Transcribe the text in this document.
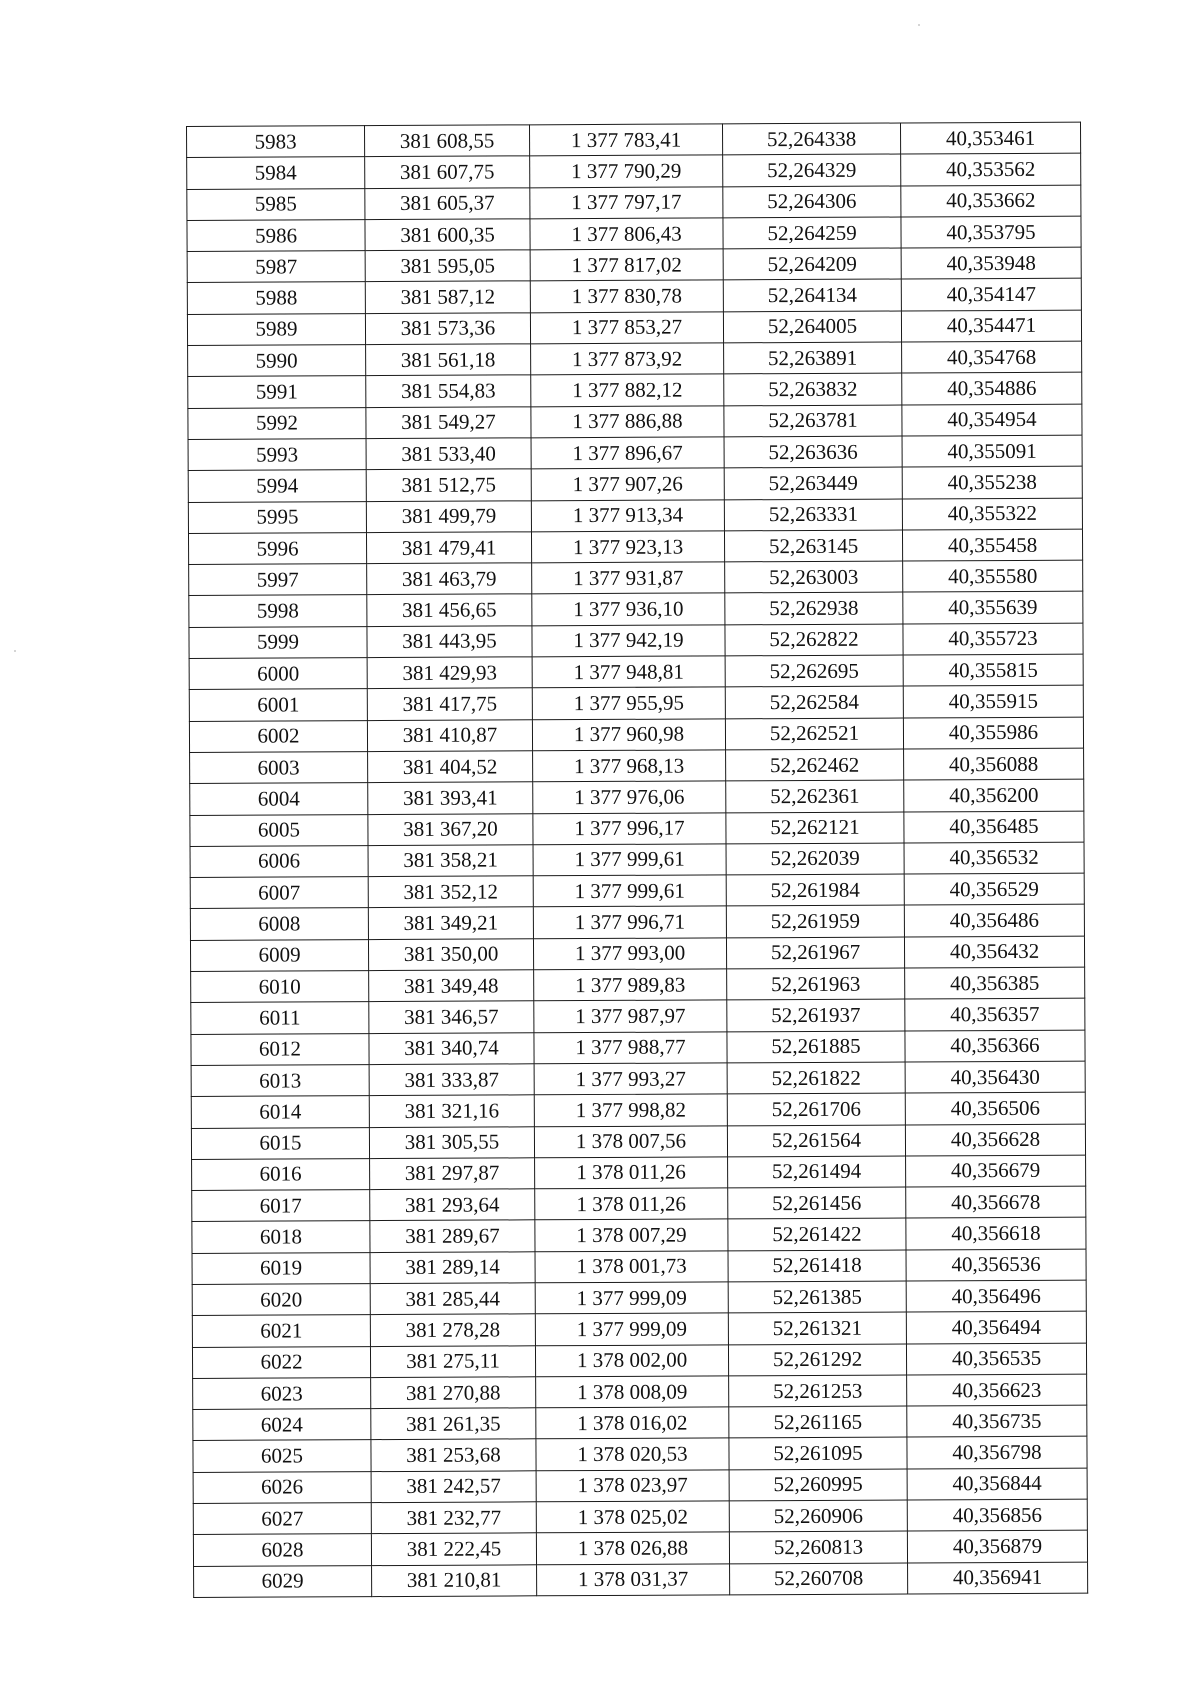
5983	381 608,55	1 377 783,41	52,264338	40,353461
5984	381 607,75	1 377 790,29	52,264329	40,353562
5985	381 605,37	1 377 797,17	52,264306	40,353662
5986	381 600,35	1 377 806,43	52,264259	40,353795
5987	381 595,05	1 377 817,02	52,264209	40,353948
5988	381 587,12	1 377 830,78	52,264134	40,354147
5989	381 573,36	1 377 853,27	52,264005	40,354471
5990	381 561,18	1 377 873,92	52,263891	40,354768
5991	381 554,83	1 377 882,12	52,263832	40,354886
5992	381 549,27	1 377 886,88	52,263781	40,354954
5993	381 533,40	1 377 896,67	52,263636	40,355091
5994	381 512,75	1 377 907,26	52,263449	40,355238
5995	381 499,79	1 377 913,34	52,263331	40,355322
5996	381 479,41	1 377 923,13	52,263145	40,355458
5997	381 463,79	1 377 931,87	52,263003	40,355580
5998	381 456,65	1 377 936,10	52,262938	40,355639
5999	381 443,95	1 377 942,19	52,262822	40,355723
6000	381 429,93	1 377 948,81	52,262695	40,355815
6001	381 417,75	1 377 955,95	52,262584	40,355915
6002	381 410,87	1 377 960,98	52,262521	40,355986
6003	381 404,52	1 377 968,13	52,262462	40,356088
6004	381 393,41	1 377 976,06	52,262361	40,356200
6005	381 367,20	1 377 996,17	52,262121	40,356485
6006	381 358,21	1 377 999,61	52,262039	40,356532
6007	381 352,12	1 377 999,61	52,261984	40,356529
6008	381 349,21	1 377 996,71	52,261959	40,356486
6009	381 350,00	1 377 993,00	52,261967	40,356432
6010	381 349,48	1 377 989,83	52,261963	40,356385
6011	381 346,57	1 377 987,97	52,261937	40,356357
6012	381 340,74	1 377 988,77	52,261885	40,356366
6013	381 333,87	1 377 993,27	52,261822	40,356430
6014	381 321,16	1 377 998,82	52,261706	40,356506
6015	381 305,55	1 378 007,56	52,261564	40,356628
6016	381 297,87	1 378 011,26	52,261494	40,356679
6017	381 293,64	1 378 011,26	52,261456	40,356678
6018	381 289,67	1 378 007,29	52,261422	40,356618
6019	381 289,14	1 378 001,73	52,261418	40,356536
6020	381 285,44	1 377 999,09	52,261385	40,356496
6021	381 278,28	1 377 999,09	52,261321	40,356494
6022	381 275,11	1 378 002,00	52,261292	40,356535
6023	381 270,88	1 378 008,09	52,261253	40,356623
6024	381 261,35	1 378 016,02	52,261165	40,356735
6025	381 253,68	1 378 020,53	52,261095	40,356798
6026	381 242,57	1 378 023,97	52,260995	40,356844
6027	381 232,77	1 378 025,02	52,260906	40,356856
6028	381 222,45	1 378 026,88	52,260813	40,356879
6029	381 210,81	1 378 031,37	52,260708	40,356941
